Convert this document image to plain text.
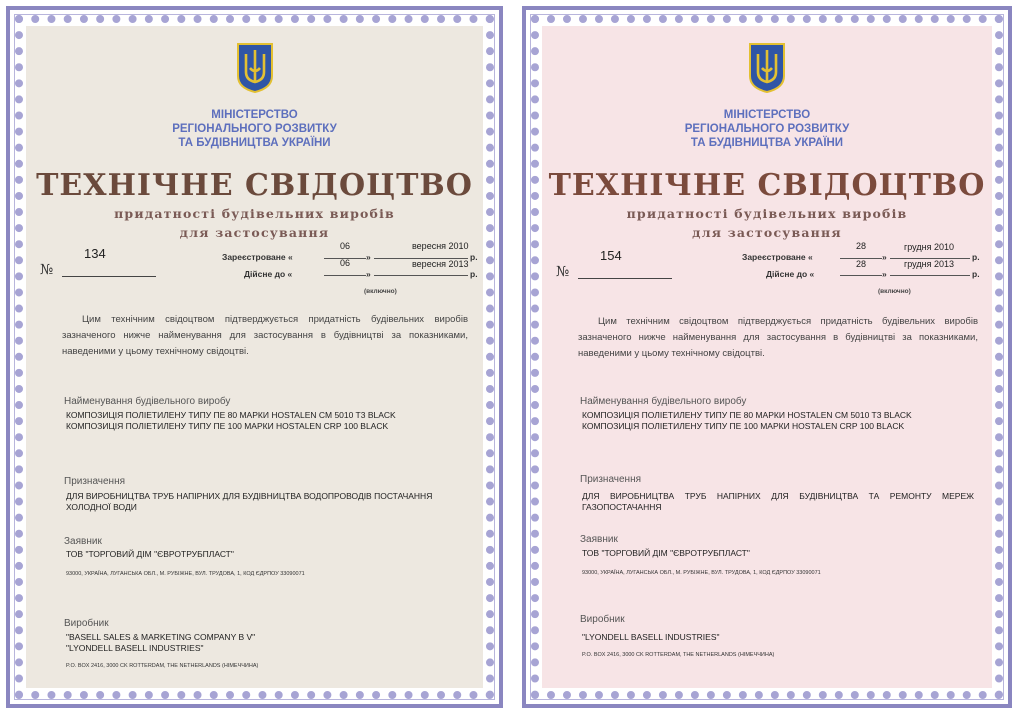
МІНІСТЕРСТВО
РЕГІОНАЛЬНОГО РОЗВИТКУ
ТА БУДІВНИЦТВА УКРАЇНИ
ТЕХНІЧНЕ СВІДОЦТВО
придатності будівельних виробів
для застосування
№
134	Зареєстроване «
06
»
вересня 2010
р.
Дійсне до «
06
»
вересня 2013
р.
(включно)
Цим технічним свідоцтвом підтверджується придатність будівельних виробів зазначеного нижче найменування для застосування в будівництві за показниками, наведеними у цьому технічному свідоцтві.
Найменування будівельного виробу
КОМПОЗИЦІЯ ПОЛІЕТИЛЕНУ ТИПУ ПЕ 80 МАРКИ HOSTALEN CM 5010 T3 BLACK
КОМПОЗИЦІЯ ПОЛІЕТИЛЕНУ ТИПУ ПЕ 100 МАРКИ HOSTALEN CRP 100 BLACK
Призначення
ДЛЯ ВИРОБНИЦТВА ТРУБ НАПІРНИХ ДЛЯ БУДІВНИЦТВА ВОДОПРОВОДІВ ПОСТАЧАННЯ
ХОЛОДНОЇ ВОДИ
Заявник
ТОВ "ТОРГОВИЙ ДІМ "ЄВРОТРУБПЛАСТ"
93000, УКРАЇНА, ЛУГАНСЬКА ОБЛ., М. РУБІЖНЕ, ВУЛ. ТРУДОВА, 1, КОД ЄДРПОУ 33090071
Виробник
"BASELL SALES & MARKETING COMPANY B V"
"LYONDELL BASELL INDUSTRIES"
P.O. BOX 2416, 3000 CK ROTTERDAM, THE NETHERLANDS (НІМЕЧЧИНА)
МІНІСТЕРСТВО
РЕГІОНАЛЬНОГО РОЗВИТКУ
ТА БУДІВНИЦТВА УКРАЇНИ
ТЕХНІЧНЕ СВІДОЦТВО
придатності будівельних виробів
для застосування
№
154	Зареєстроване «
28
»
грудня 2010
р.
Дійсне до «
28
»
грудня 2013
р.
(включно)
Цим технічним свідоцтвом підтверджується придатність будівельних виробів зазначеного нижче найменування для застосування в будівництві за показниками, наведеними у цьому технічному свідоцтві.
Найменування будівельного виробу
КОМПОЗИЦІЯ ПОЛІЕТИЛЕНУ ТИПУ ПЕ 80 МАРКИ HOSTALEN CM 5010 T3 BLACK
КОМПОЗИЦІЯ ПОЛІЕТИЛЕНУ ТИПУ ПЕ 100 МАРКИ HOSTALEN CRP 100 BLACK
Призначення
ДЛЯ ВИРОБНИЦТВА ТРУБ НАПІРНИХ ДЛЯ БУДІВНИЦТВА ТА РЕМОНТУ МЕРЕЖ
ГАЗОПОСТАЧАННЯ
Заявник
ТОВ "ТОРГОВИЙ ДІМ "ЄВРОТРУБПЛАСТ"
93000, УКРАЇНА, ЛУГАНСЬКА ОБЛ., М. РУБІЖНЕ, ВУЛ. ТРУДОВА, 1, КОД ЄДРПОУ 33090071
Виробник
"LYONDELL BASELL INDUSTRIES"
P.O. BOX 2416, 3000 CK ROTTERDAM, THE NETHERLANDS (НІМЕЧЧИНА)
